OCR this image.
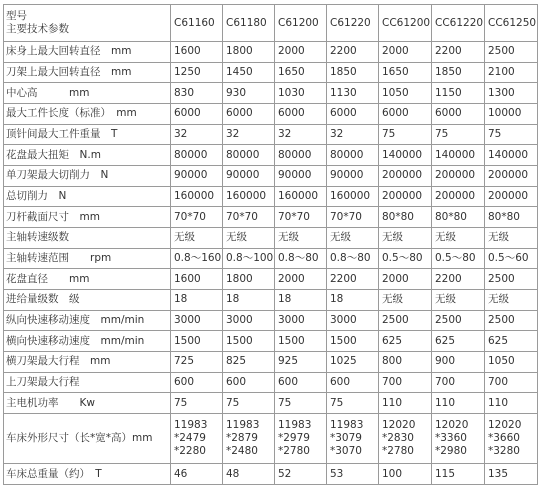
型号
主要技术参数	C61160	C61180	C61200	C61220	CC61200	CC61220	CC61250
床身上最大回转直径　mm	1600	1800	2000	2200	2000	2200	2500
刀架上最大回转直径　mm	1250	1450	1650	1850	1650	1850	2100
中心高　　　mm	830	930	1030	1130	1050	1150	1300
最大工件长度（标准）　mm	6000	6000	6000	6000	6000	6000	10000
顶针间最大工件重量　T	32	32	32	32	75	75	75
花盘最大扭矩　N.m	80000	80000	80000	80000	140000	140000	140000
单刀架最大切削力　N	90000	90000	90000	90000	200000	200000	200000
总切削力　N	160000	160000	160000	160000	200000	200000	200000
刀杆截面尺寸　mm	70*70	70*70	70*70	70*70	80*80	80*80	80*80
主轴转速级数	无级	无级	无级	无级	无级	无级	无级
主轴转速范围　　rpm	0.8～160	0.8～100	0.8～80	0.8～80	0.5～80	0.5～80	0.5～60
花盘直径　　mm	1600	1800	2000	2200	2000	2200	2500
进给量级数　级	18	18	18	18	无级	无级	无级
纵向快速移动速度　mm/min	3000	3000	3000	3000	2500	2500	2500
横向快速移动速度　mm/min	1500	1500	1500	1500	625	625	625
横刀架最大行程　mm	725	825	925	1025	800	900	1050
上刀架最大行程	600	600	600	600	700	700	700
主电机功率　　Kw	75	75	75	75	110	110	110
车床外形尺寸（长*宽*高）mm	11983
*2479
*2280	11983
*2879
*2480	11983
*2979
*2780	11983
*3079
*3070	12020
*2830
*2780	12020
*3360
*2980	12020
*3660
*3280

车床总重量（约）　T	46	48	52	53	100	115	135
